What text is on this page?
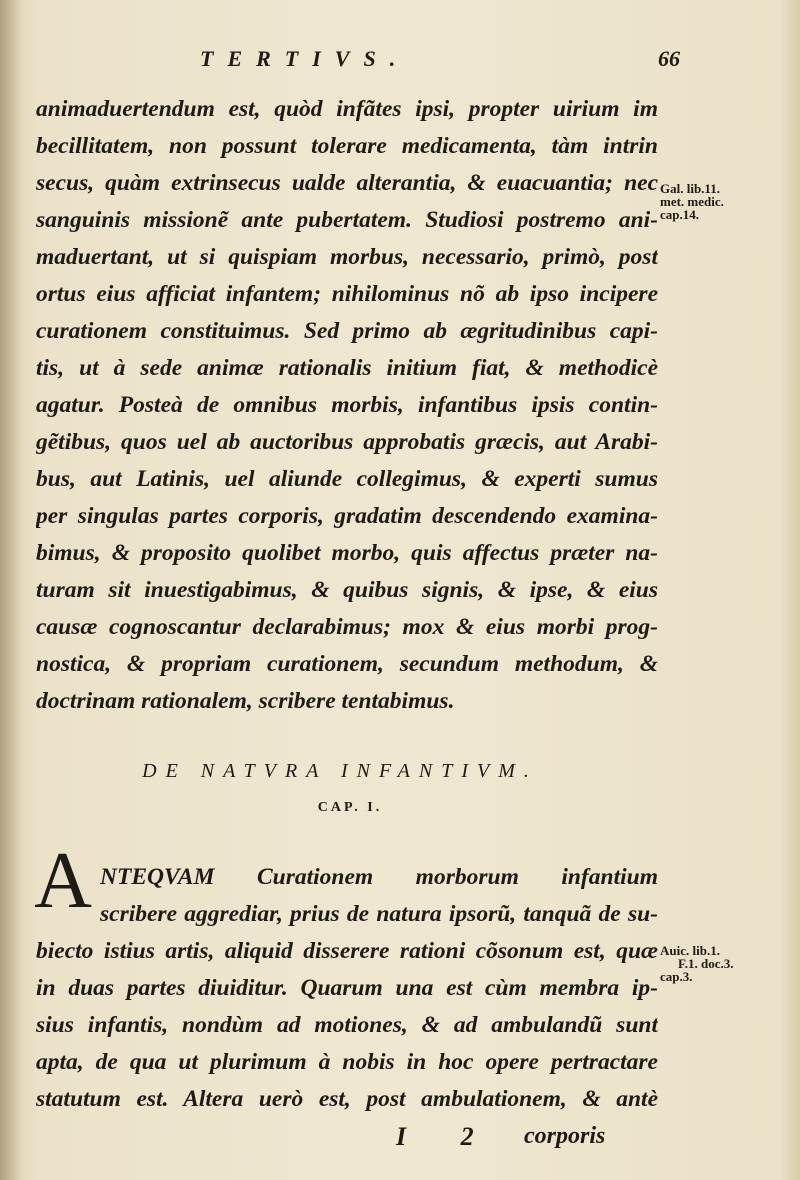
TERTIVS.	66
animaduertendum est, quòd infãtes ipsi, propter uirium im
becillitatem, non possunt tolerare medicamenta, tàm intrin
secus, quàm extrinsecus ualde alterantia, & euacuantia; nec
sanguinis missionẽ ante pubertatem. Studiosi postremo ani-
maduertant, ut si quispiam morbus, necessario, primò, post
ortus eius afficiat infantem; nihilominus nõ ab ipso incipere
curationem constituimus. Sed primo ab ægritudinibus capi-
tis, ut à sede animæ rationalis initium fiat, & methodicè
agatur. Posteà de omnibus morbis, infantibus ipsis contin-
gẽtibus, quos uel ab auctoribus approbatis græcis, aut Arabi-
bus, aut Latinis, uel aliunde collegimus, & experti sumus
per singulas partes corporis, gradatim descendendo examina-
bimus, & proposito quolibet morbo, quis affectus præter na-
turam sit inuestigabimus, & quibus signis, & ipse, & eius
causæ cognoscantur declarabimus; mox & eius morbi prog-
nostica, & propriam curationem, secundum methodum, &
doctrinam rationalem, scribere tentabimus.
Gal. lib.11.
met. medic.
cap.14.
DE NATVRA INFANTIVM.
CAP. I.
A NTEQVAM Curationem morborum infantium
scribere aggrediar, prius de natura ipsorũ, tanquã de su-
biecto istius artis, aliquid disserere rationi cõsonum est, quæ
in duas partes diuiditur. Quarum una est cùm membra ip-
sius infantis, nondùm ad motiones, & ad ambulandũ sunt
apta, de qua ut plurimum à nobis in hoc opere pertractare
statutum est. Altera uerò est, post ambulationem, & antè
Auic. lib.1.
F.1. doc.3.
cap.3.
I 2 corporis
